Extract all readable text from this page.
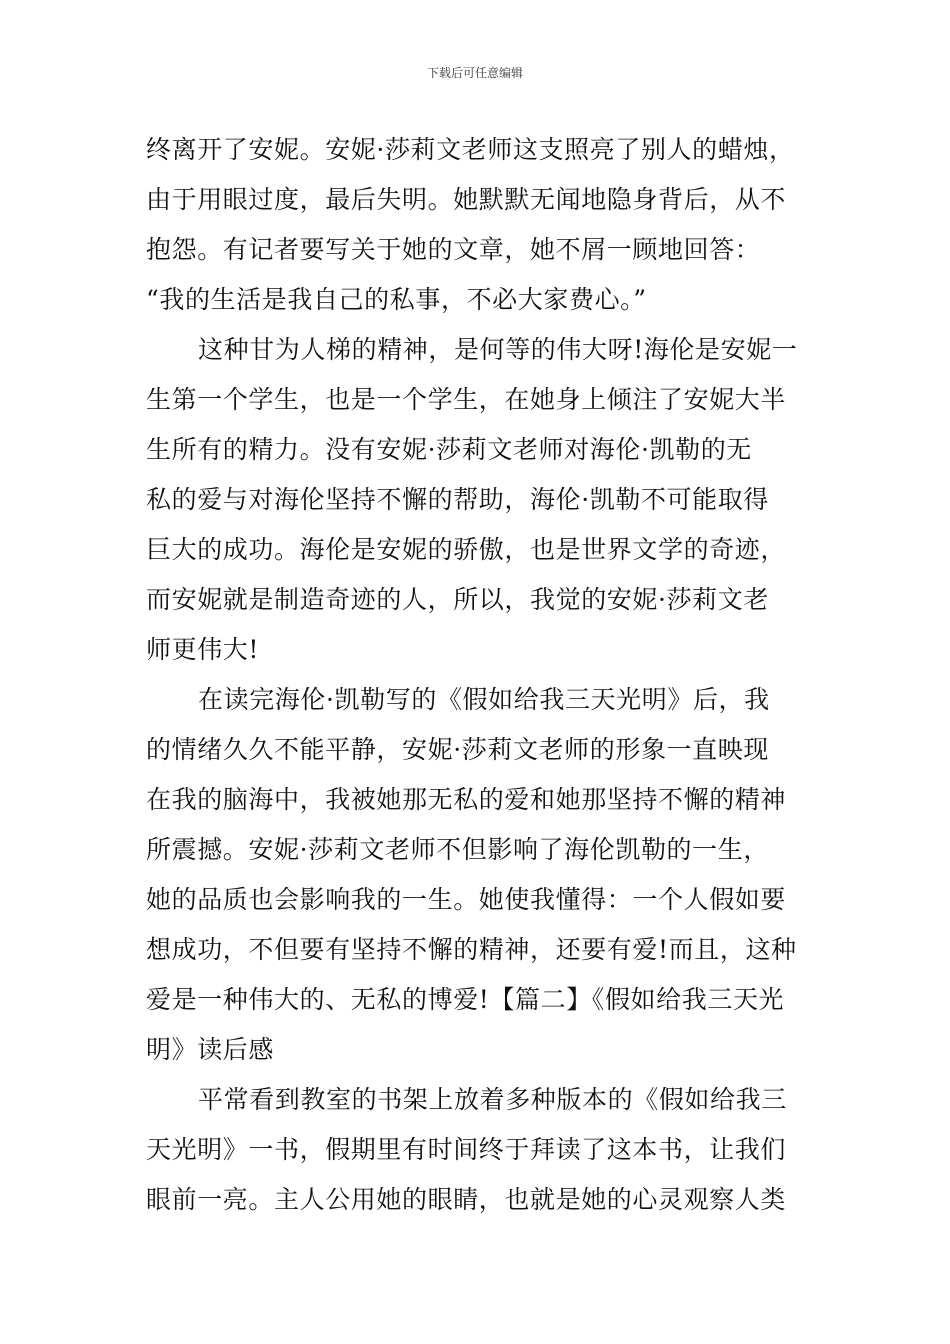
下载后可任意编辑
终离开了安妮。安妮·莎莉文老师这支照亮了别人的蜡烛，
由于用眼过度，最后失明。她默默无闻地隐身背后，从不
抱怨。有记者要写关于她的文章，她不屑一顾地回答：
“我的生活是我自己的私事，不必大家费心。”
这种甘为人梯的精神，是何等的伟大呀!海伦是安妮一
生第一个学生，也是一个学生，在她身上倾注了安妮大半
生所有的精力。没有安妮·莎莉文老师对海伦·凯勒的无
私的爱与对海伦坚持不懈的帮助，海伦·凯勒不可能取得
巨大的成功。海伦是安妮的骄傲，也是世界文学的奇迹，
而安妮就是制造奇迹的人，所以，我觉的安妮·莎莉文老
师更伟大!
在读完海伦·凯勒写的《假如给我三天光明》后，我
的情绪久久不能平静，安妮·莎莉文老师的形象一直映现
在我的脑海中，我被她那无私的爱和她那坚持不懈的精神
所震撼。安妮·莎莉文老师不但影响了海伦凯勒的一生，
她的品质也会影响我的一生。她使我懂得：一个人假如要
想成功，不但要有坚持不懈的精神，还要有爱!而且，这种
爱是一种伟大的、无私的博爱!【篇二】《假如给我三天光
明》读后感
平常看到教室的书架上放着多种版本的《假如给我三
天光明》一书，假期里有时间终于拜读了这本书，让我们
眼前一亮。主人公用她的眼睛，也就是她的心灵观察人类
